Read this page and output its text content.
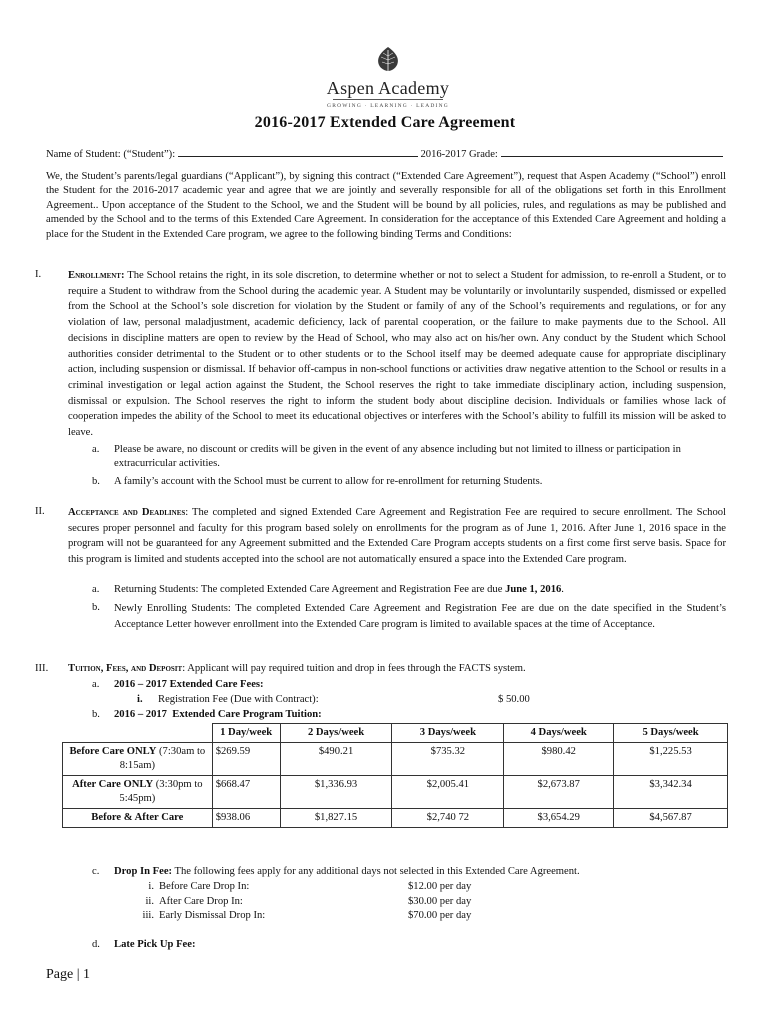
Aspen Academy
GROWING · LEARNING · LEADING
2016-2017 Extended Care Agreement
Name of Student: (“Student”):	2016-2017 Grade:
We, the Student’s parents/legal guardians (“Applicant”), by signing this contract (“Extended Care Agreement”), request that Aspen Academy (“School”) enroll the Student for the 2016-2017 academic year and agree that we are jointly and severally responsible for all of the obligations set forth in this Enrollment Agreement.. Upon acceptance of the Student to the School, we and the Student will be bound by all policies, rules, and regulations as may be published and amended by the School and to the terms of this Extended Care Agreement. In consideration for the acceptance of this Extended Care Agreement and holding a place for the Student in the Extended Care program, we agree to the following binding Terms and Conditions:
I.	Enrollment: The School retains the right, in its sole discretion, to determine whether or not to select a Student for admission, to re-enroll a Student, or to require a Student to withdraw from the School during the academic year. A Student may be voluntarily or involuntarily suspended, dismissed or expelled from the School at the School’s sole discretion for violation by the Student or family of any of the School’s requirements and regulations, or for any violation of law, personal maladjustment, academic deficiency, lack of parental cooperation, or the failure to make payments due to the School. All decisions in discipline matters are open to review by the Head of School, who may also act on his/her own. Any conduct by the Student which School authorities consider detrimental to the Student or to other students or to the School itself may be deemed adequate cause for appropriate disciplinary action, including suspension or dismissal. If behavior off-campus in non-school functions or activities draw negative attention to the School or results in a criminal investigation or legal action against the Student, the School reserves the right to take immediate disciplinary action, including suspension, dismissal or expulsion. The School reserves the right to inform the student body about discipline decision. Individuals or families whose lack of cooperation impedes the ability of the School to meet its educational objectives or interferes with the School’s ability to fulfill its mission will be asked to leave.
a. Please be aware, no discount or credits will be given in the event of any absence including but not limited to illness or participation in extracurricular activities.
b. A family’s account with the School must be current to allow for re-enrollment for returning Students.
II. Acceptance and Deadlines: The completed and signed Extended Care Agreement and Registration Fee are required to secure enrollment. The School secures proper personnel and faculty for this program based solely on enrollments for the program as of June 1, 2016. After June 1, 2016 space in the program will not be guaranteed for any Agreement submitted and the Extended Care Program accepts students on a first come first serve basis. Space for this program is limited and students accepted into the school are not automatically ensured a space into the Extended Care program.
a. Returning Students: The completed Extended Care Agreement and Registration Fee are due June 1, 2016.
b. Newly Enrolling Students: The completed Extended Care Agreement and Registration Fee are due on the date specified in the Student’s Acceptance Letter however enrollment into the Extended Care program is limited to available spaces at the time of Acceptance.
III. Tuition, Fees, and Deposit: Applicant will pay required tuition and drop in fees through the FACTS system.
a. 2016 – 2017 Extended Care Fees:
i. Registration Fee (Due with Contract):	$ 50.00
b. 2016 – 2017  Extended Care Program Tuition:
	1 Day/week	2 Days/week	3 Days/week	4 Days/week	5 Days/week
Before Care ONLY (7:30am to 8:15am)	$269.59	$490.21	$735.32	$980.42	$1,225.53
After Care ONLY (3:30pm to 5:45pm)	$668.47	$1,336.93	$2,005.41	$2,673.87	$3,342.34
Before & After Care	$938.06	$1,827.15	$2,740 72	$3,654.29	$4,567.87
c. Drop In Fee: The following fees apply for any additional days not selected in this Extended Care Agreement.
i. Before Care Drop In:	$12.00 per day
ii. After Care Drop In:	$30.00 per day
iii. Early Dismissal Drop In:	$70.00 per day
d. Late Pick Up Fee:
Page | 1
